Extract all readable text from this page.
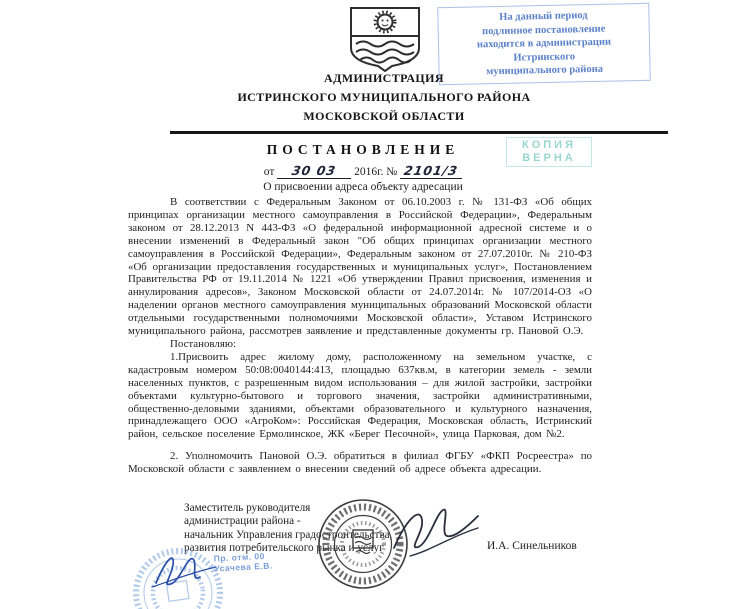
АДМИНИСТРАЦИЯ
ИСТРИНСКОГО МУНИЦИПАЛЬНОГО РАЙОНА
МОСКОВСКОЙ ОБЛАСТИ
На данный период
подлинное постановление
находится в администрации
Истринского
муниципального района
ПОСТАНОВЛЕНИЕ	КОПИЯ
ВЕРНА
от 30 03 2016г. № 2101/3
О присвоении адреса объекту адресации

В соответствии с Федеральным Законом от 06.10.2003 г. № 131-ФЗ «Об общих принципах организации местного самоуправления в Российской Федерации», Федеральным законом от 28.12.2013 N 443-ФЗ «О федеральной информационной адресной системе и о внесении изменений в Федеральный закон "Об общих принципах организации местного самоуправления в Российской Федерации», Федеральным законом от 27.07.2010г. № 210-ФЗ «Об организации предоставления государственных и муниципальных услуг», Постановлением Правительства РФ от 19.11.2014 № 1221 «Об утверждении Правил присвоения, изменения и аннулирования адресов», Законом Московской области от 24.07.2014г. № 107/2014-ОЗ «О наделении органов местного самоуправления муниципальных образований Московской области отдельными государственными полномочиями Московской области», Уставом Истринского муниципального района, рассмотрев заявление и представленные документы гр. Пановой О.Э.

Постановляю:

1.Присвоить адрес жилому дому, расположенному на земельном участке, с кадастровым номером 50:08:0040144:413, площадью 637кв.м, в категории земель - земли населенных пунктов, с разрешенным видом использования – для жилой застройки, застройки объектами культурно-бытового и торгового значения, застройки административными, общественно-деловыми зданиями, объектами образовательного и культурного назначения, принадлежащего ООО «АгроКом»: Российская Федерация, Московская область, Истринский район, сельское поселение Ермолинское, ЖК «Берег Песочной», улица Парковая, дом №2.

2. Уполномочить Пановой О.Э. обратиться в филиал ФГБУ «ФКП Росреестра» по Московской области с заявлением о внесении сведений об адресе объекта адресации.

Заместитель руководителя
администрации района -
начальник Управления градостроительства,
развития потребительского рынка и услуг	И.А. Синельников
Пр. отм. 00
Усачева Е.В.
